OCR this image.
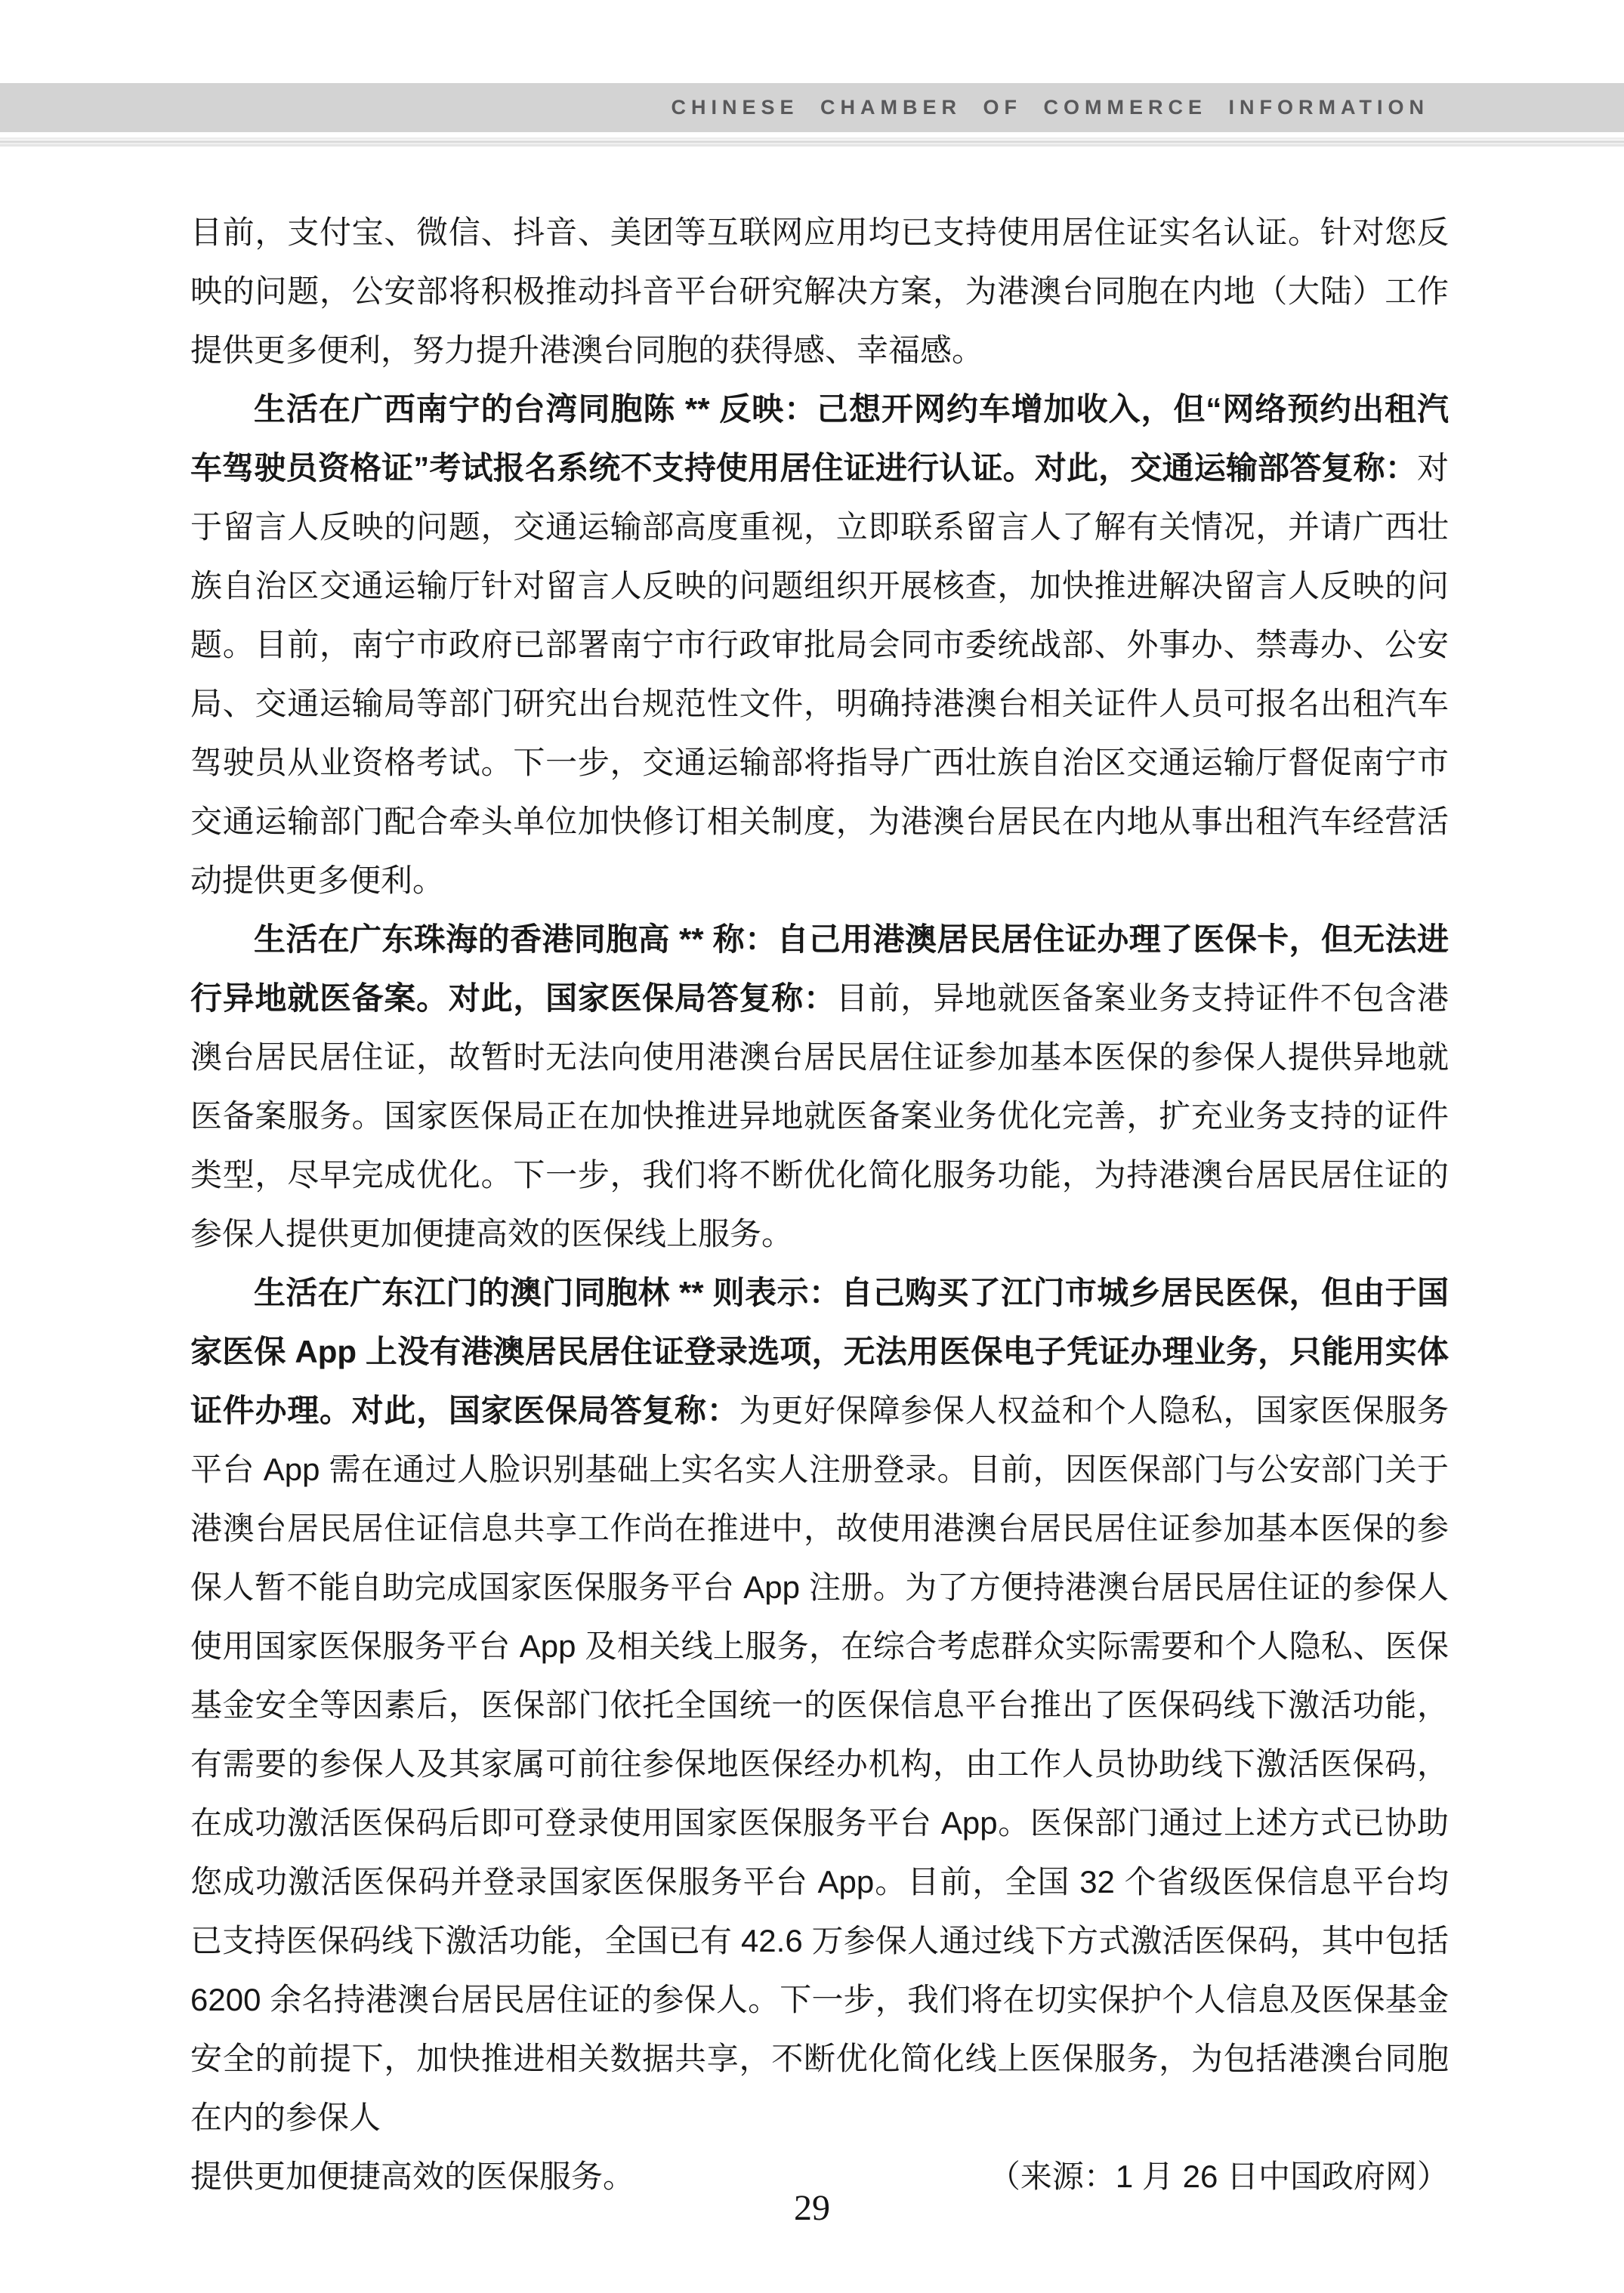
CHINESE CHAMBER OF COMMERCE INFORMATION

目前，支付宝、微信、抖音、美团等互联网应用均已支持使用居住证实名认证。针对您反映的问题，公安部将积极推动抖音平台研究解决方案，为港澳台同胞在内地（大陆）工作提供更多便利，努力提升港澳台同胞的获得感、幸福感。

生活在广西南宁的台湾同胞陈 ** 反映：己想开网约车增加收入，但“网络预约出租汽车驾驶员资格证”考试报名系统不支持使用居住证进行认证。对此，交通运输部答复称：对于留言人反映的问题，交通运输部高度重视，立即联系留言人了解有关情况，并请广西壮族自治区交通运输厅针对留言人反映的问题组织开展核查，加快推进解决留言人反映的问题。目前，南宁市政府已部署南宁市行政审批局会同市委统战部、外事办、禁毒办、公安局、交通运输局等部门研究出台规范性文件，明确持港澳台相关证件人员可报名出租汽车驾驶员从业资格考试。下一步，交通运输部将指导广西壮族自治区交通运输厅督促南宁市交通运输部门配合牵头单位加快修订相关制度，为港澳台居民在内地从事出租汽车经营活动提供更多便利。

生活在广东珠海的香港同胞高 ** 称：自己用港澳居民居住证办理了医保卡，但无法进行异地就医备案。对此，国家医保局答复称：目前，异地就医备案业务支持证件不包含港澳台居民居住证，故暂时无法向使用港澳台居民居住证参加基本医保的参保人提供异地就医备案服务。国家医保局正在加快推进异地就医备案业务优化完善，扩充业务支持的证件类型，尽早完成优化。下一步，我们将不断优化简化服务功能，为持港澳台居民居住证的参保人提供更加便捷高效的医保线上服务。

生活在广东江门的澳门同胞林 ** 则表示：自己购买了江门市城乡居民医保，但由于国家医保 App 上没有港澳居民居住证登录选项，无法用医保电子凭证办理业务，只能用实体证件办理。对此，国家医保局答复称：为更好保障参保人权益和个人隐私，国家医保服务平台 App 需在通过人脸识别基础上实名实人注册登录。目前，因医保部门与公安部门关于港澳台居民居住证信息共享工作尚在推进中，故使用港澳台居民居住证参加基本医保的参保人暂不能自助完成国家医保服务平台 App 注册。为了方便持港澳台居民居住证的参保人使用国家医保服务平台 App 及相关线上服务，在综合考虑群众实际需要和个人隐私、医保基金安全等因素后，医保部门依托全国统一的医保信息平台推出了医保码线下激活功能，有需要的参保人及其家属可前往参保地医保经办机构，由工作人员协助线下激活医保码，在成功激活医保码后即可登录使用国家医保服务平台 App。医保部门通过上述方式已协助您成功激活医保码并登录国家医保服务平台 App。目前，全国 32 个省级医保信息平台均已支持医保码线下激活功能，全国已有 42.6 万参保人通过线下方式激活医保码，其中包括 6200 余名持港澳台居民居住证的参保人。下一步，我们将在切实保护个人信息及医保基金安全的前提下，加快推进相关数据共享，不断优化简化线上医保服务，为包括港澳台同胞在内的参保人

提供更加便捷高效的医保服务。	（来源：1 月 26 日中国政府网）
29
